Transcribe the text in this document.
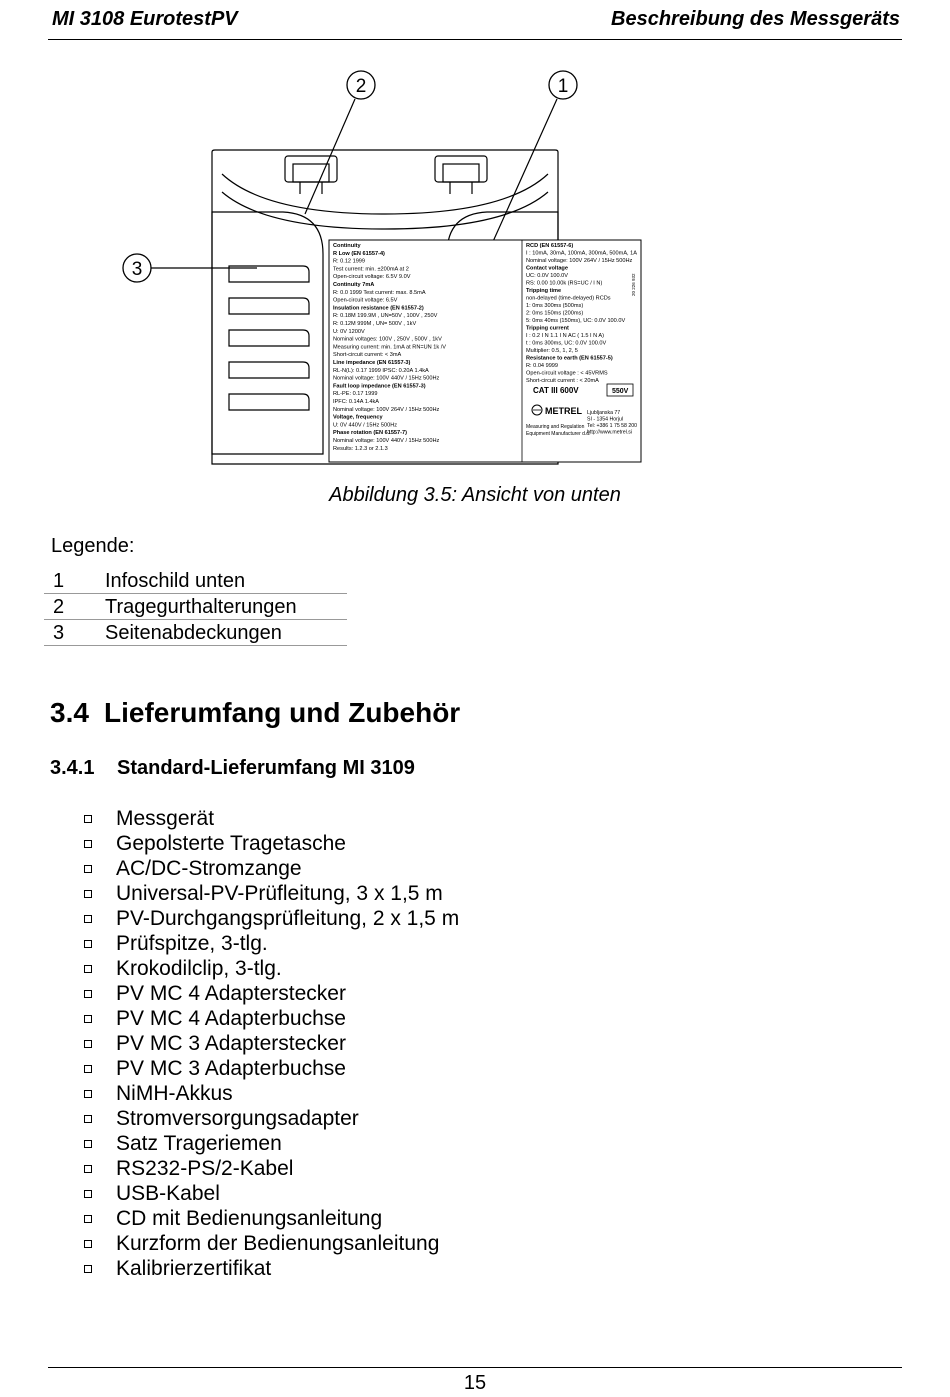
MI 3108 EurotestPV	Beschreibung des Messgeräts
2	1
3
Continuity
R Low (EN 61557-4)
R: 0.12 1999
Test current: min. ±200mA at 2
Open-circuit voltage: 6.5V 9.0V
Continuity 7mA
R: 0.0 1999 Test current: max. 8.5mA
Open-circuit voltage: 6.5V
Insulation resistance (EN 61557-2)
R: 0.18M 199.9M , UN=50V , 100V , 250V
R: 0.12M 999M , UN= 500V , 1kV
U: 0V 1200V
Nominal voltages: 100V , 250V , 500V , 1kV
Measuring current: min. 1mA at RN=UN 1k /V
Short-circuit current: < 3mA
Line impedance (EN 61557-3)
RL-N(L): 0.17 1999 IPSC: 0.20A 1.4kA
Nominal voltage: 100V 440V / 15Hz 500Hz
Fault loop impedance (EN 61557-3)
RL-PE: 0.17 1999
IPFC: 0.14A 1.4kA
Nominal voltage: 100V 264V / 15Hz 500Hz
Voltage, frequency
U: 0V 440V / 15Hz 500Hz
Phase rotation (EN 61557-7)
Nominal voltage: 100V 440V / 15Hz 500Hz
Results: 1.2.3 or 2.1.3
RCD (EN 61557-6)
I : 10mA, 30mA, 100mA, 300mA, 500mA, 1A
Nominal voltage: 100V 264V / 15Hz 500Hz
Contact voltage
UC: 0.0V 100.0V
RS: 0.00 10.00k (RS=UC / I N)
Tripping time
non-delayed (time-delayed) RCDs
1: 0ms 300ms (500ms)
2: 0ms 150ms (200ms)
5: 0ms 40ms (150ms), UC: 0.0V 100.0V
Tripping current
I : 0.2 I N 1.1 I N AC ( 1.5 I N A)
t : 0ms 300ms, UC: 0.0V 100.0V
Multiplier: 0.5, 1, 2, 5
Resistance to earth (EN 61557-5)
R: 0.04 9999
Open-circuit voltage : < 45VRMS
Short-circuit current : < 20mA
20 226 932
CAT III 600V	550V
METREL
Measuring and Regulation
Equipment Manufacturer d.d.
Ljubljanska 77
SI - 1354 Horjul
Tel: +386 1 75 58 200
http://www.metrel.si
Abbildung 3.5: Ansicht von unten
Legende:
1	Infoschild unten
2	Tragegurthalterungen
3	Seitenabdeckungen
3.4 Lieferumfang und Zubehör
3.4.1 Standard-Lieferumfang MI 3109
Messgerät
Gepolsterte Tragetasche
AC/DC-Stromzange
Universal-PV-Prüfleitung, 3 x 1,5 m
PV-Durchgangsprüfleitung, 2 x 1,5 m
Prüfspitze, 3-tlg.
Krokodilclip, 3-tlg.
PV MC 4 Adapterstecker
PV MC 4 Adapterbuchse
PV MC 3 Adapterstecker
PV MC 3 Adapterbuchse
NiMH-Akkus
Stromversorgungsadapter
Satz Trageriemen
RS232-PS/2-Kabel
USB-Kabel
CD mit Bedienungsanleitung
Kurzform der Bedienungsanleitung
Kalibrierzertifikat
15
